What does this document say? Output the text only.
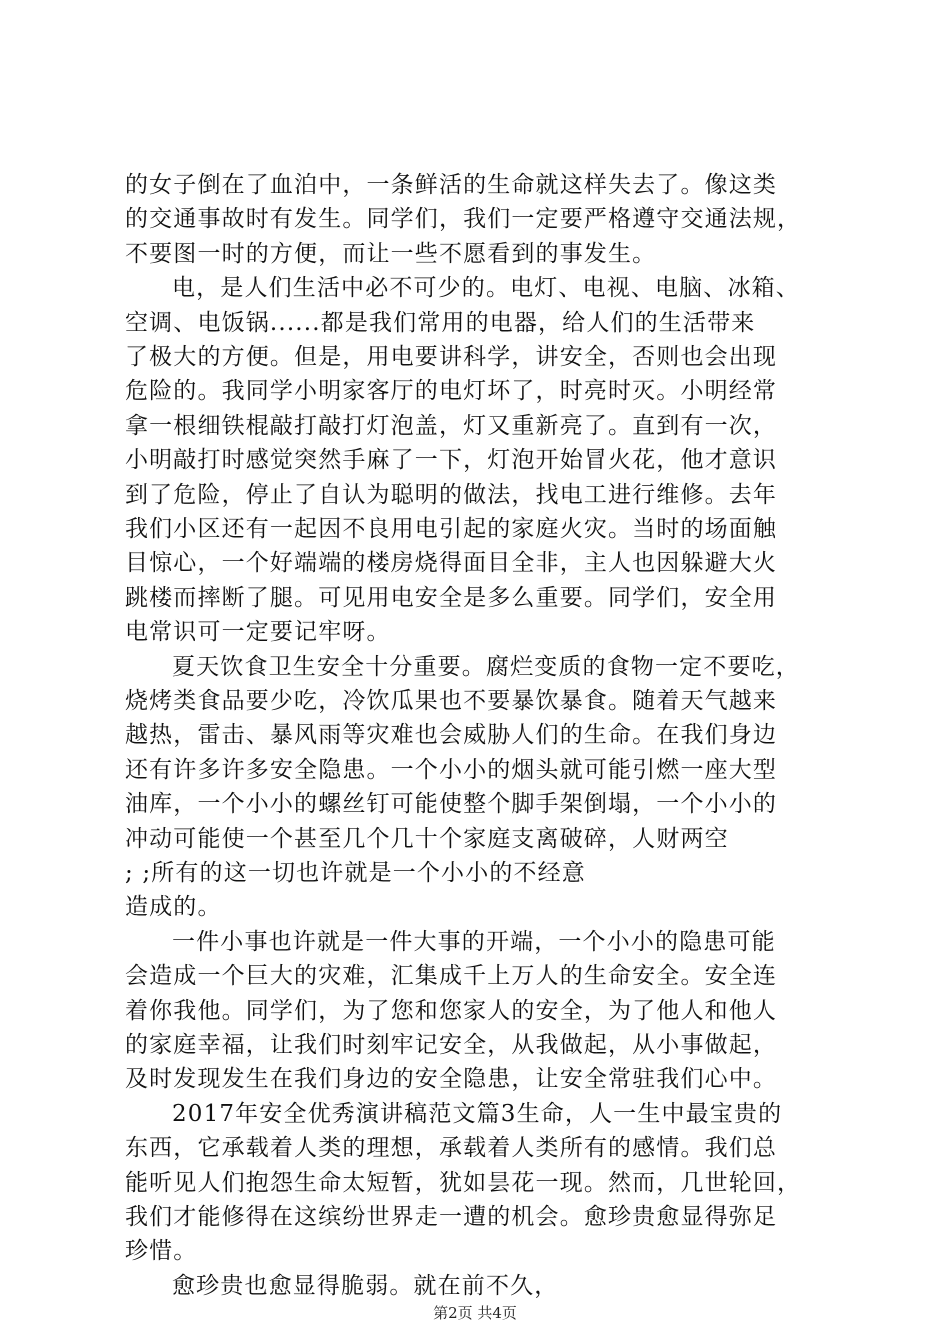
的女子倒在了血泊中，一条鲜活的生命就这样失去了。像这类
的交通事故时有发生。同学们，我们一定要严格遵守交通法规，
不要图一时的方便，而让一些不愿看到的事发生。
电，是人们生活中必不可少的。电灯、电视、电脑、冰箱、
空调、电饭锅......都是我们常用的电器，给人们的生活带来
了极大的方便。但是，用电要讲科学，讲安全，否则也会出现
危险的。我同学小明家客厅的电灯坏了，时亮时灭。小明经常
拿一根细铁棍敲打敲打灯泡盖，灯又重新亮了。直到有一次，
小明敲打时感觉突然手麻了一下，灯泡开始冒火花，他才意识
到了危险，停止了自认为聪明的做法，找电工进行维修。去年
我们小区还有一起因不良用电引起的家庭火灾。当时的场面触
目惊心，一个好端端的楼房烧得面目全非，主人也因躲避大火
跳楼而摔断了腿。可见用电安全是多么重要。同学们，安全用
电常识可一定要记牢呀。
夏天饮食卫生安全十分重要。腐烂变质的食物一定不要吃，
烧烤类食品要少吃，冷饮瓜果也不要暴饮暴食。随着天气越来
越热，雷击、暴风雨等灾难也会威胁人们的生命。在我们身边
还有许多许多安全隐患。一个小小的烟头就可能引燃一座大型
油库，一个小小的螺丝钉可能使整个脚手架倒塌，一个小小的
冲动可能使一个甚至几个几十个家庭支离破碎，人财两空
; ;所有的这一切也许就是一个小小的不经意
造成的。
一件小事也许就是一件大事的开端，一个小小的隐患可能
会造成一个巨大的灾难，汇集成千上万人的生命安全。安全连
着你我他。同学们，为了您和您家人的安全，为了他人和他人
的家庭幸福，让我们时刻牢记安全，从我做起，从小事做起，
及时发现发生在我们身边的安全隐患，让安全常驻我们心中。
2017年安全优秀演讲稿范文篇3生命，人一生中最宝贵的
东西，它承载着人类的理想，承载着人类所有的感情。我们总
能听见人们抱怨生命太短暂，犹如昙花一现。然而，几世轮回，
我们才能修得在这缤纷世界走一遭的机会。愈珍贵愈显得弥足
珍惜。
愈珍贵也愈显得脆弱。就在前不久，
第2页 共4页
